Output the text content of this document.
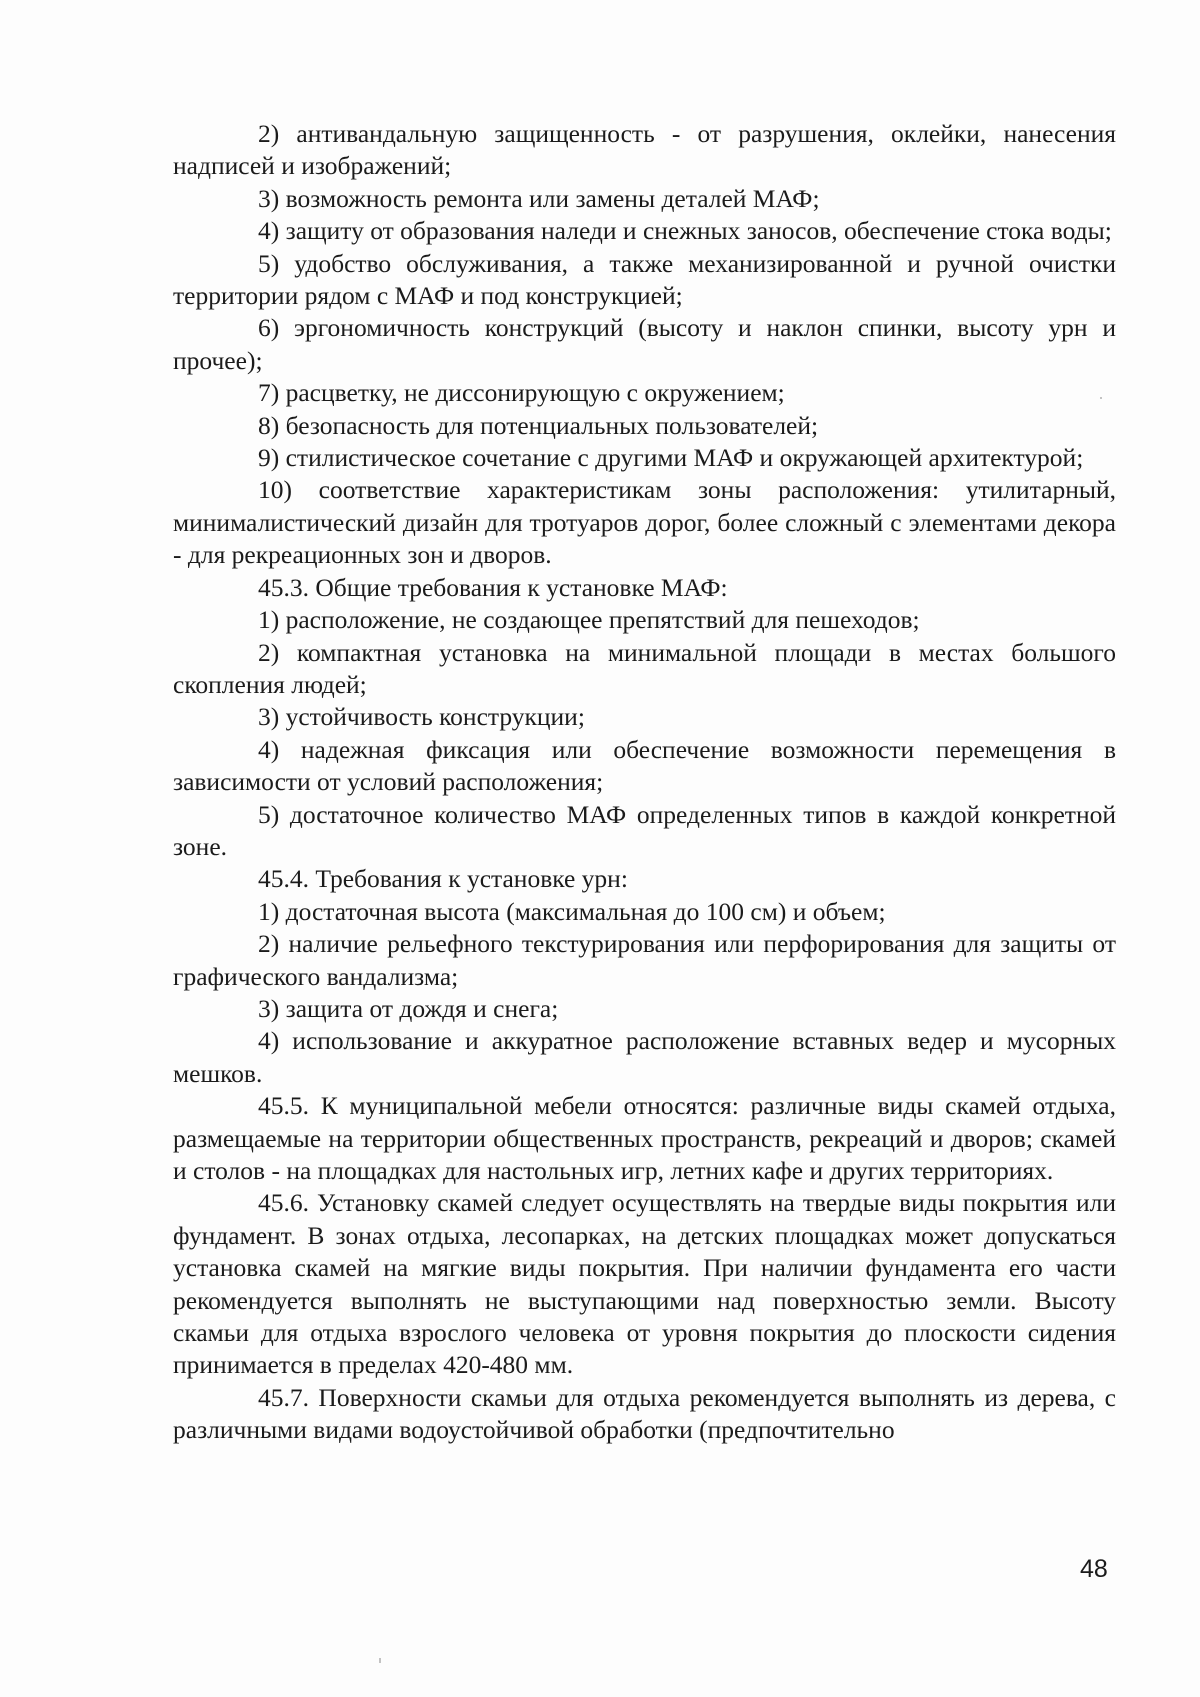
2) антивандальную защищенность - от разрушения, оклейки, нанесения надписей и изображений;

3) возможность ремонта или замены деталей МАФ;

4) защиту от образования наледи и снежных заносов, обеспечение стока воды;

5) удобство обслуживания, а также механизированной и ручной очистки территории рядом с МАФ и под конструкцией;

6) эргономичность конструкций (высоту и наклон спинки, высоту урн и прочее);

7) расцветку, не диссонирующую с окружением;

8) безопасность для потенциальных пользователей;

9) стилистическое сочетание с другими МАФ и окружающей архитектурой;

10) соответствие характеристикам зоны расположения: утилитарный, минималистический дизайн для тротуаров дорог, более сложный с элементами декора - для рекреационных зон и дворов.

45.3. Общие требования к установке МАФ:

1) расположение, не создающее препятствий для пешеходов;

2) компактная установка на минимальной площади в местах большого скопления людей;

3) устойчивость конструкции;

4) надежная фиксация или обеспечение возможности перемещения в зависимости от условий расположения;

5) достаточное количество МАФ определенных типов в каждой конкретной зоне.

45.4. Требования к установке урн:

1) достаточная высота (максимальная до 100 см) и объем;

2) наличие рельефного текстурирования или перфорирования для защиты от графического вандализма;

3) защита от дождя и снега;

4) использование и аккуратное расположение вставных ведер и мусорных мешков.

45.5. К муниципальной мебели относятся: различные виды скамей отдыха, размещаемые на территории общественных пространств, рекреаций и дворов; скамей и столов - на площадках для настольных игр, летних кафе и других территориях.

45.6. Установку скамей следует осуществлять на твердые виды покрытия или фундамент. В зонах отдыха, лесопарках, на детских площадках может допускаться установка скамей на мягкие виды покрытия. При наличии фундамента его части рекомендуется выполнять не выступающими над поверхностью земли. Высоту скамьи для отдыха взрослого человека от уровня покрытия до плоскости сидения принимается в пределах 420-480 мм.

45.7. Поверхности скамьи для отдыха рекомендуется выполнять из дерева, с различными видами водоустойчивой обработки (предпочтительно

48
